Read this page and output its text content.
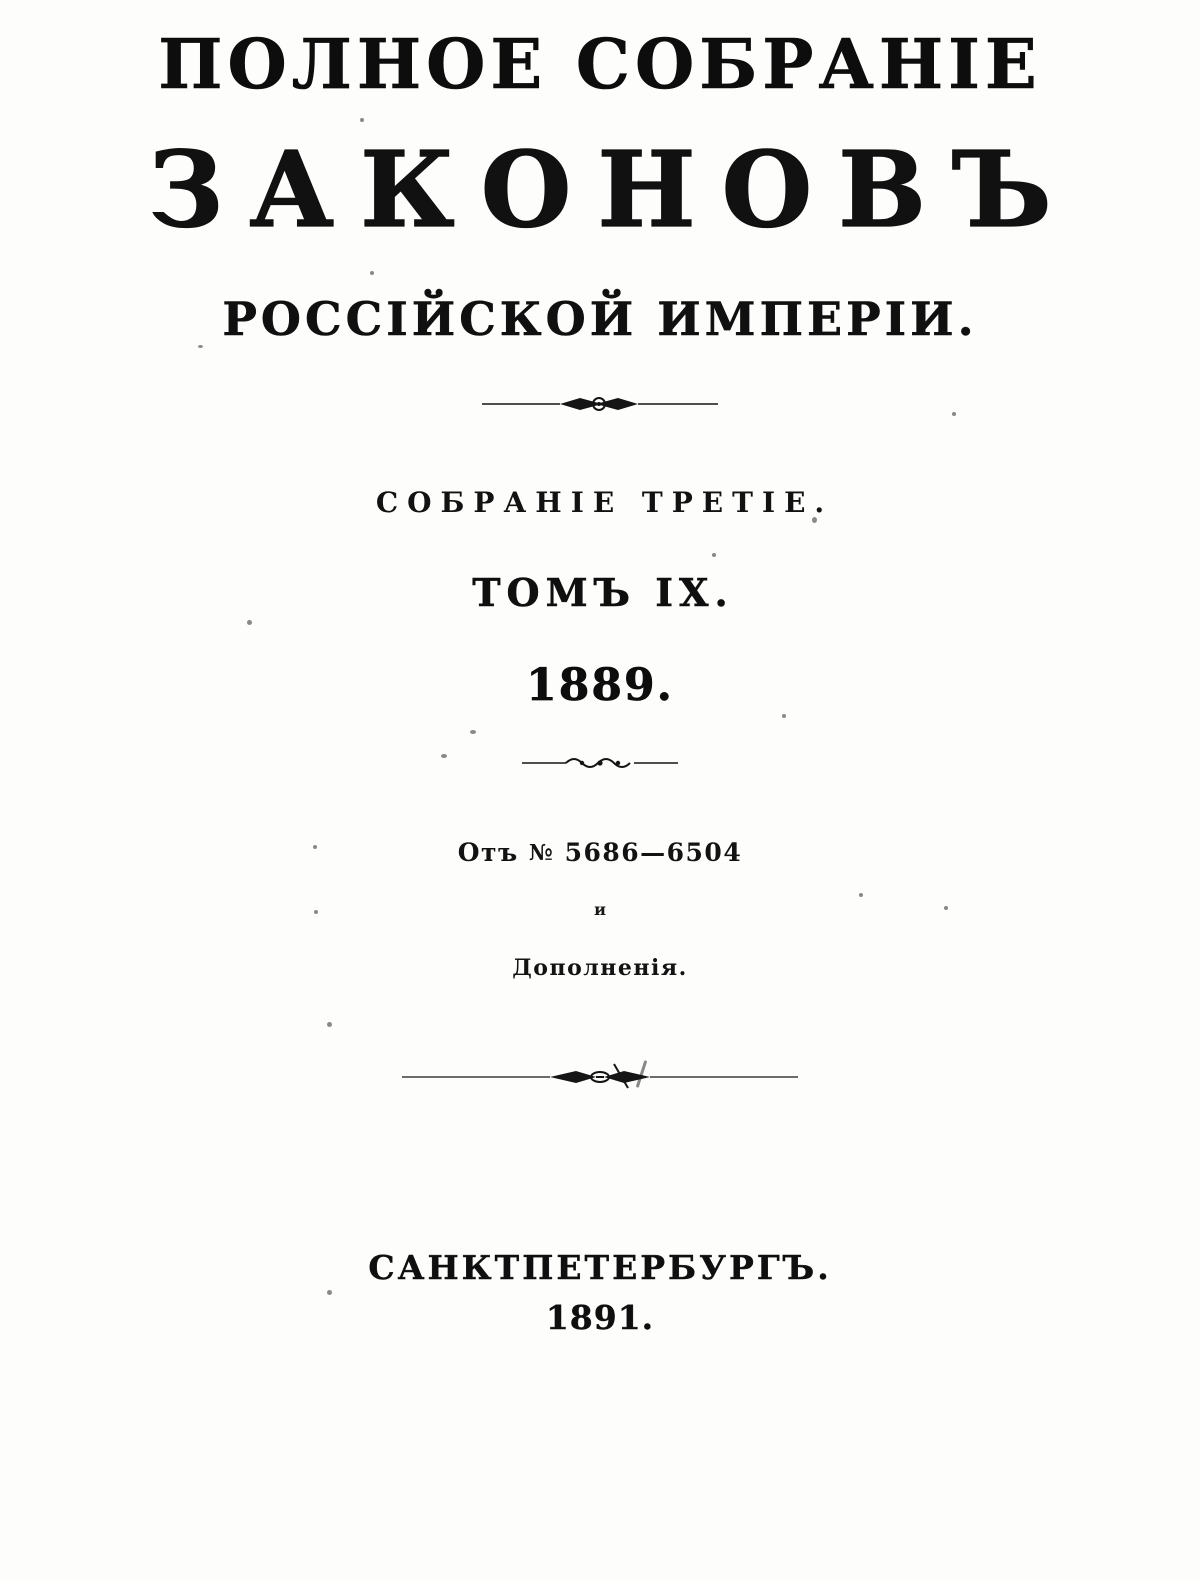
ПОЛНОЕ СОБРАНІЕ
ЗАКОНОВЪ
РОССІЙСКОЙ ИМПЕРІИ.
СОБРАНІЕ ТРЕТІЕ.
ТОМЪ IX.
1889.
Отъ № 5686—6504
и
Дополненія.
САНКТПЕТЕРБУРГЪ.
1891.
